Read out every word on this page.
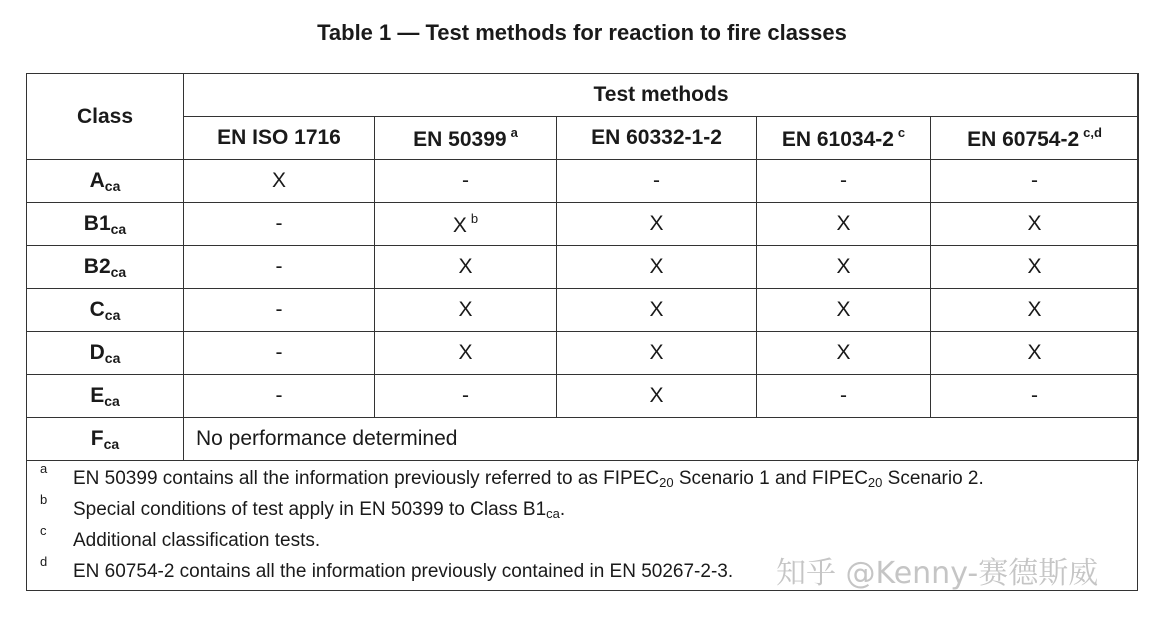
Table 1 — Test methods for reaction to fire classes
Class	Test methods				
	EN ISO 1716	EN 50399 $^a$	EN 60332-1-2	EN 61034-2 $^c$	EN 60754-2 $^{c,d}$
$A_{ca}$	X	-	-	-	-
$B1_{ca}$	-	X $^b$	X	X	X
$B2_{ca}$	-	X	X	X	X
$C_{ca}$	-	X	X	X	X
$D_{ca}$	-	X	X	X	X
$E_{ca}$	-	-	X	-	-
$F_{ca}$	No performance determined				
a EN 50399 contains all the information previously referred to as $FIPEC_{20}$ Scenario 1 and $FIPEC_{20}$ Scenario 2.
b Special conditions of test apply in EN 50399 to Class $B1_{ca}$.
c Additional classification tests.
d EN 60754-2 contains all the information previously contained in EN 50267-2-3. 知乎 @Kenny-赛德斯威
